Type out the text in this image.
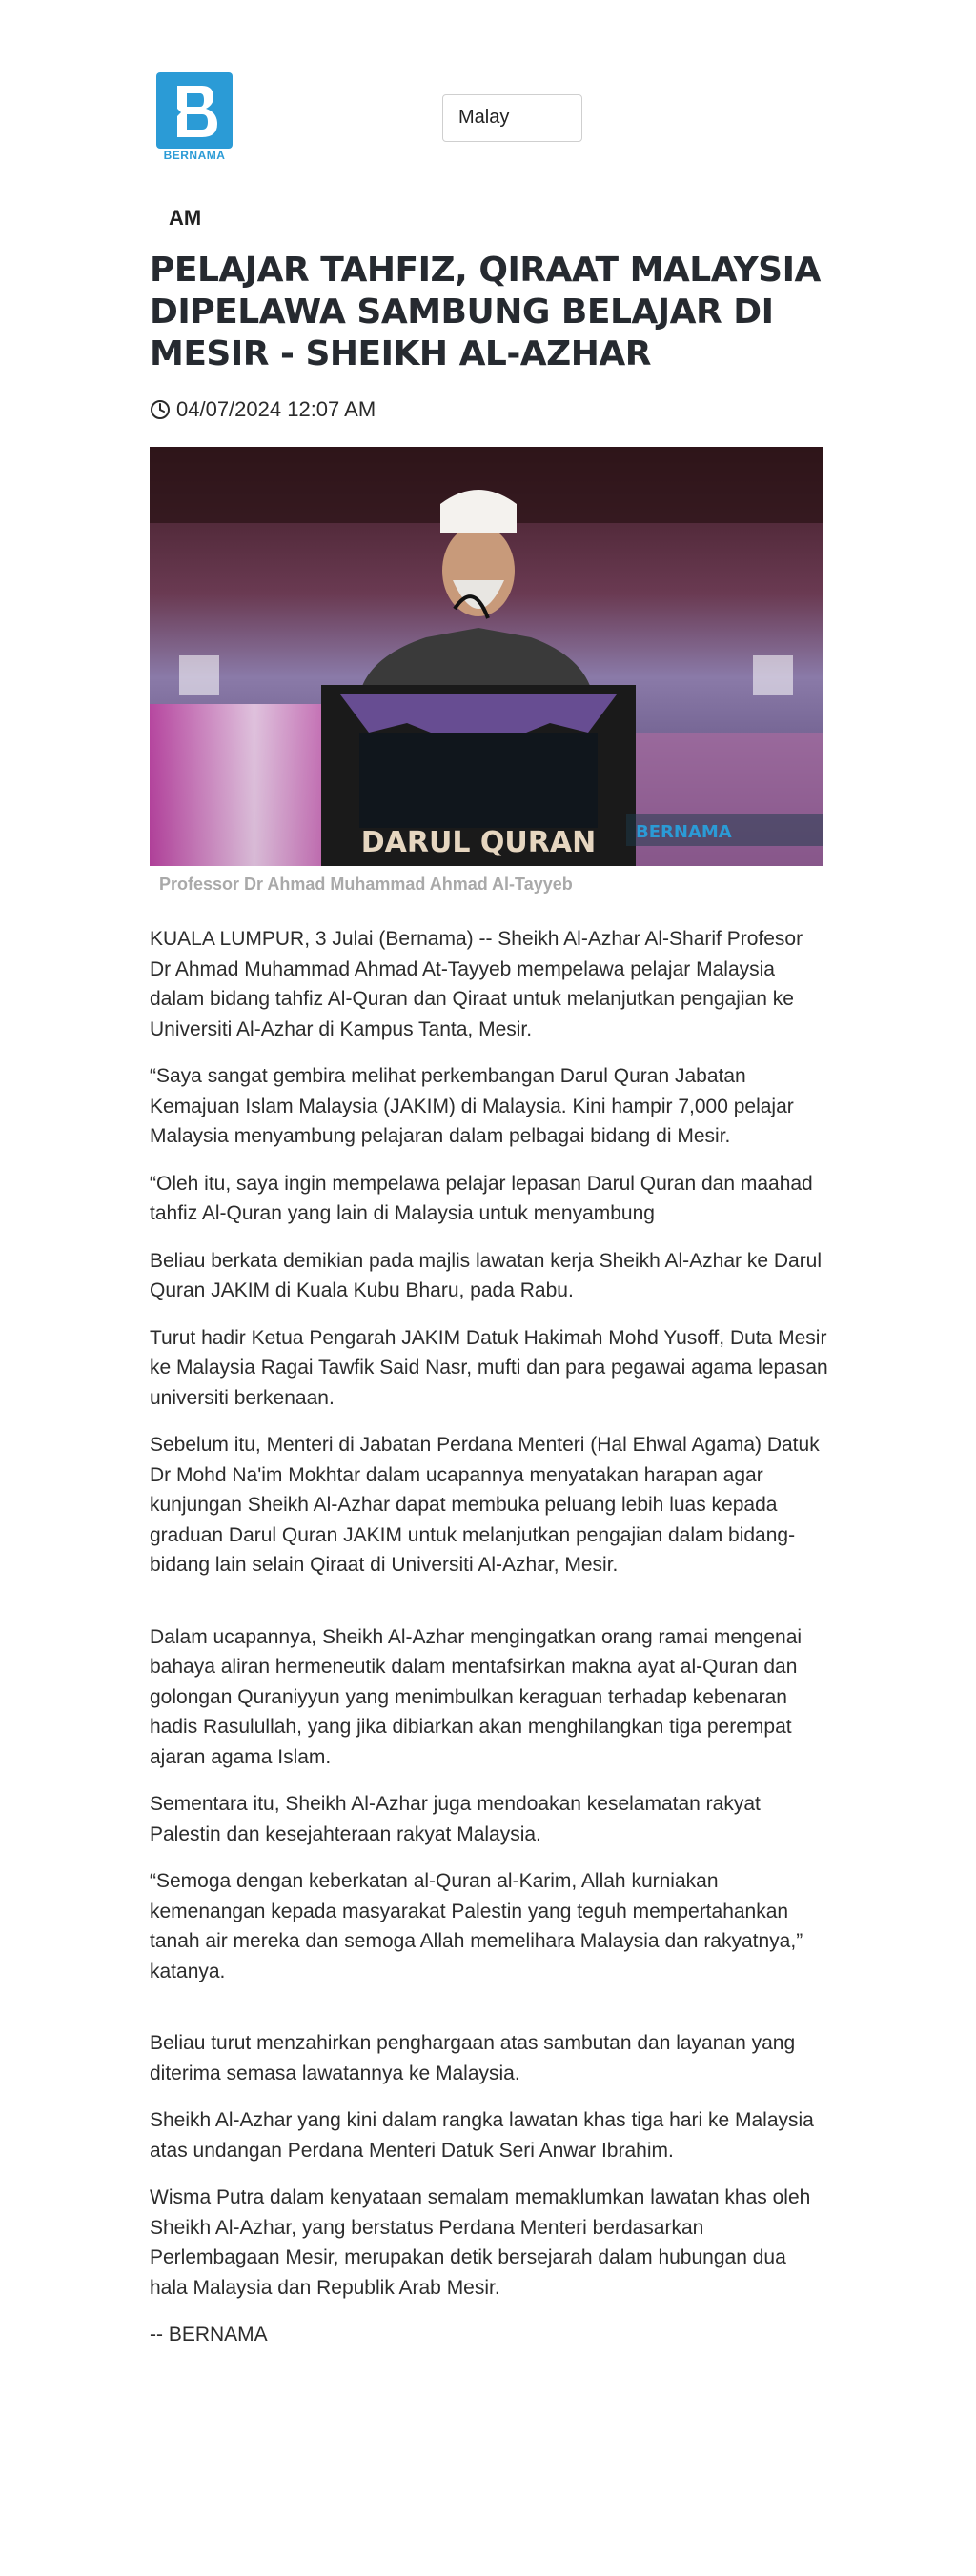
BERNAMA
Malay
AM
PELAJAR TAHFIZ, QIRAAT MALAYSIA DIPELAWA SAMBUNG BELAJAR DI MESIR - SHEIKH AL-AZHAR
04/07/2024 12:07 AM
DARUL QURAN BERNAMA
Professor Dr Ahmad Muhammad Ahmad Al-Tayyeb

KUALA LUMPUR, 3 Julai (Bernama) -- Sheikh Al-Azhar Al-Sharif Profesor Dr Ahmad Muhammad Ahmad At-Tayyeb mempelawa pelajar Malaysia dalam bidang tahfiz Al-Quran dan Qiraat untuk melanjutkan pengajian ke Universiti Al-Azhar di Kampus Tanta, Mesir.

“Saya sangat gembira melihat perkembangan Darul Quran Jabatan Kemajuan Islam Malaysia (JAKIM) di Malaysia. Kini hampir 7,000 pelajar Malaysia menyambung pelajaran dalam pelbagai bidang di Mesir.

“Oleh itu, saya ingin mempelawa pelajar lepasan Darul Quran dan maahad tahfiz Al-Quran yang lain di Malaysia untuk menyambung

Beliau berkata demikian pada majlis lawatan kerja Sheikh Al-Azhar ke Darul Quran JAKIM di Kuala Kubu Bharu, pada Rabu.

Turut hadir Ketua Pengarah JAKIM Datuk Hakimah Mohd Yusoff, Duta Mesir ke Malaysia Ragai Tawfik Said Nasr, mufti dan para pegawai agama lepasan universiti berkenaan.

Sebelum itu, Menteri di Jabatan Perdana Menteri (Hal Ehwal Agama) Datuk Dr Mohd Na'im Mokhtar dalam ucapannya menyatakan harapan agar kunjungan Sheikh Al-Azhar dapat membuka peluang lebih luas kepada graduan Darul Quran JAKIM untuk melanjutkan pengajian dalam bidang-bidang lain selain Qiraat di Universiti Al-Azhar, Mesir.

Dalam ucapannya, Sheikh Al-Azhar mengingatkan orang ramai mengenai bahaya aliran hermeneutik dalam mentafsirkan makna ayat al-Quran dan golongan Quraniyyun yang menimbulkan keraguan terhadap kebenaran hadis Rasulullah, yang jika dibiarkan akan menghilangkan tiga perempat ajaran agama Islam.

Sementara itu, Sheikh Al-Azhar juga mendoakan keselamatan rakyat Palestin dan kesejahteraan rakyat Malaysia.

“Semoga dengan keberkatan al-Quran al-Karim, Allah kurniakan kemenangan kepada masyarakat Palestin yang teguh mempertahankan tanah air mereka dan semoga Allah memelihara Malaysia dan rakyatnya,” katanya.

Beliau turut menzahirkan penghargaan atas sambutan dan layanan yang diterima semasa lawatannya ke Malaysia.

Sheikh Al-Azhar yang kini dalam rangka lawatan khas tiga hari ke Malaysia atas undangan Perdana Menteri Datuk Seri Anwar Ibrahim.

Wisma Putra dalam kenyataan semalam memaklumkan lawatan khas oleh Sheikh Al-Azhar, yang berstatus Perdana Menteri berdasarkan Perlembagaan Mesir, merupakan detik bersejarah dalam hubungan dua hala Malaysia dan Republik Arab Mesir.

-- BERNAMA
